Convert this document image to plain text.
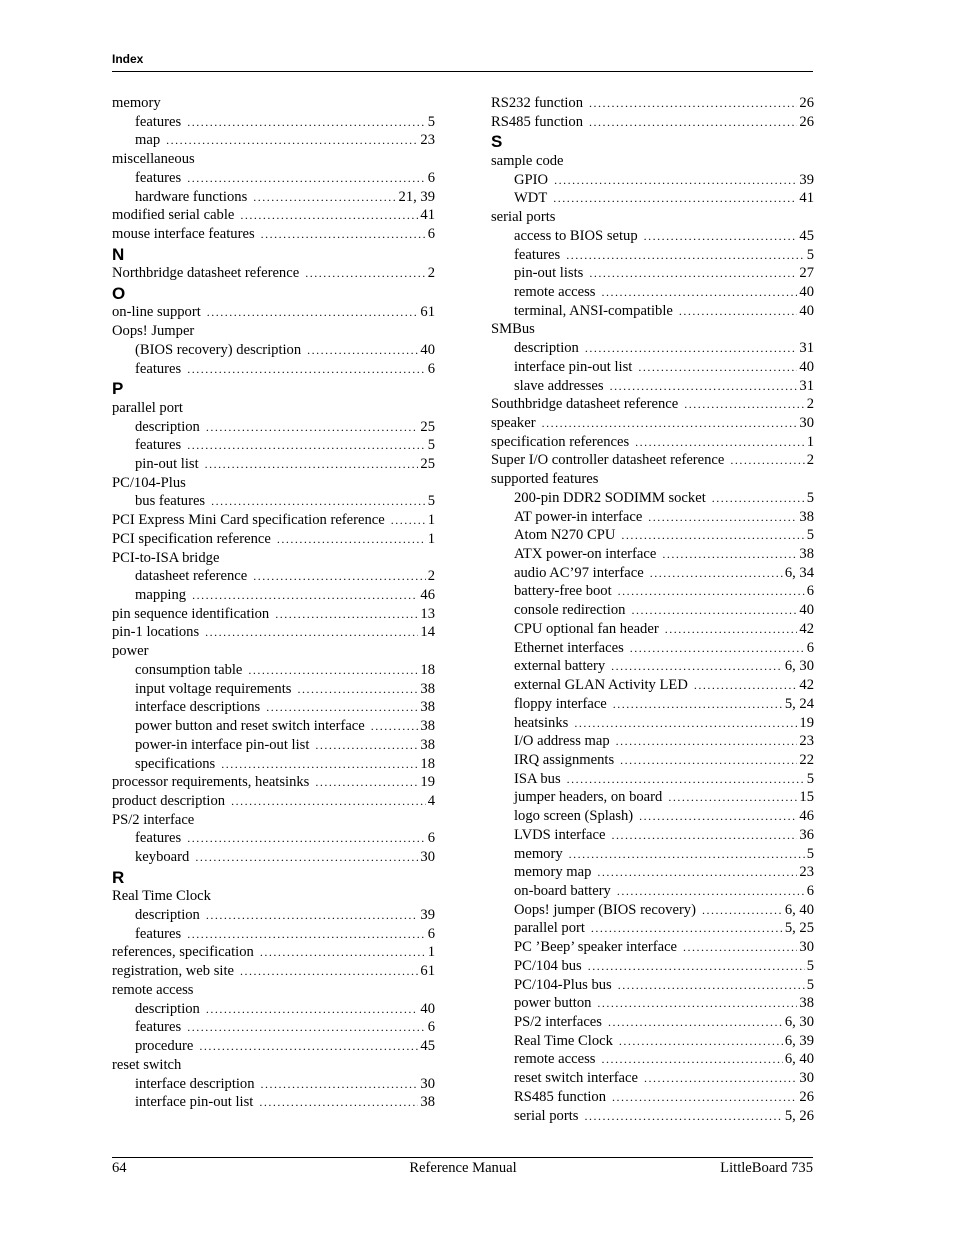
Index
memory
features .....	5
map .....	23
miscellaneous
features .....	6
hardware functions .....	21, 39
modified serial cable .....	41
mouse interface features .....	6
N
Northbridge datasheet reference .....	2
O
on-line support .....	61
Oops! Jumper
(BIOS recovery) description .....	40
features .....	6
P
parallel port
description .....	25
features .....	5
pin-out list .....	25
PC/104-Plus
bus features .....	5
PCI Express Mini Card specification reference .....	1
PCI specification reference .....	1
PCI-to-ISA bridge
datasheet reference .....	2
mapping .....	46
pin sequence identification .....	13
pin-1 locations .....	14
power
consumption table .....	18
input voltage requirements .....	38
interface descriptions .....	38
power button and reset switch interface .....	38
power-in interface pin-out list .....	38
specifications .....	18
processor requirements, heatsinks .....	19
product description .....	4
PS/2 interface
features .....	6
keyboard .....	30
R
Real Time Clock
description .....	39
features .....	6
references, specification .....	1
registration, web site .....	61
remote access
description .....	40
features .....	6
procedure .....	45
reset switch
interface description .....	30
interface pin-out list .....	38
RS232 function .....	26
RS485 function .....	26
S
sample code
GPIO .....	39
WDT .....	41
serial ports
access to BIOS setup .....	45
features .....	5
pin-out lists .....	27
remote access .....	40
terminal, ANSI-compatible .....	40
SMBus
description .....	31
interface pin-out list .....	40
slave addresses .....	31
Southbridge datasheet reference .....	2
speaker .....	30
specification references .....	1
Super I/O controller datasheet reference .....	2
supported features
200-pin DDR2 SODIMM socket .....	5
AT power-in interface .....	38
Atom N270 CPU .....	5
ATX power-on interface .....	38
audio AC’97 interface .....	6, 34
battery-free boot .....	6
console redirection .....	40
CPU optional fan header .....	42
Ethernet interfaces .....	6
external battery .....	6, 30
external GLAN Activity LED .....	42
floppy interface .....	5, 24
heatsinks .....	19
I/O address map .....	23
IRQ assignments .....	22
ISA bus .....	5
jumper headers, on board .....	15
logo screen (Splash) .....	46
LVDS interface .....	36
memory .....	5
memory map .....	23
on-board battery .....	6
Oops! jumper (BIOS recovery) .....	6, 40
parallel port .....	5, 25
PC ’Beep’ speaker interface .....	30
PC/104 bus .....	5
PC/104-Plus bus .....	5
power button .....	38
PS/2 interfaces .....	6, 30
Real Time Clock .....	6, 39
remote access .....	6, 40
reset switch interface .....	30
RS485 function .....	26
serial ports .....	5, 26
64	Reference Manual	LittleBoard 735
